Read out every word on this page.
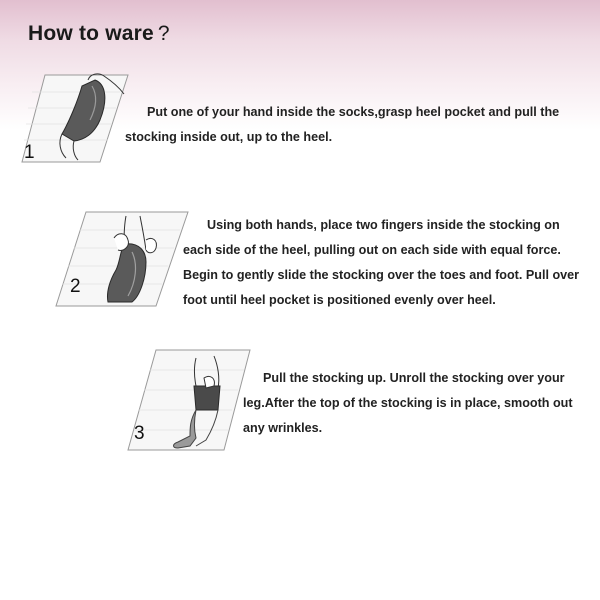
How to ware ?
1

Put one of your hand inside the socks,grasp heel pocket and pull the stocking inside out, up to the heel.

2

Using both hands, place two fingers inside the stocking on each side of the heel, pulling out on each side with equal force. Begin to gently slide the stocking over the toes and foot. Pull over foot until heel pocket is positioned evenly over heel.

3

Pull the stocking up. Unroll the stocking over your leg.After the top of the stocking is in place, smooth out any wrinkles.
